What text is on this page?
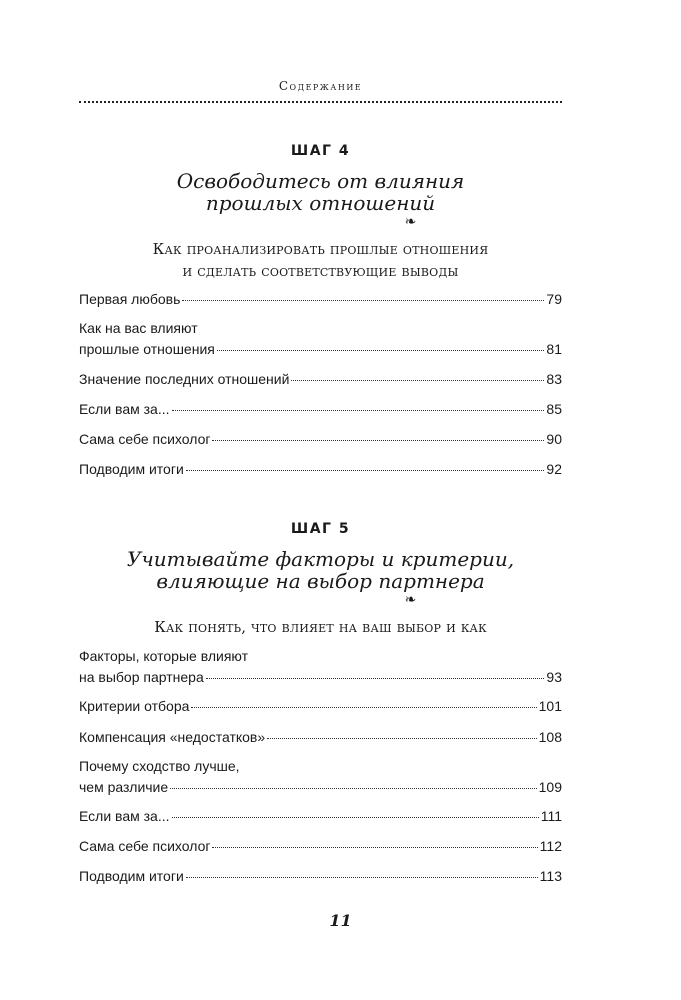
Содержание
ШАГ 4
Освободитесь от влияния
прошлых отношений
❧
Как проанализировать прошлые отношения
и сделать соответствующие выводы
Первая любовь	79
Как на вас влияют
прошлые отношения	81
Значение последних отношений	83
Если вам за...	85
Сама себе психолог	90
Подводим итоги	92
ШАГ 5
Учитывайте факторы и критерии,
влияющие на выбор партнера
❧
Как понять, что влияет на ваш выбор и как
Факторы, которые влияют
на выбор партнера	93
Критерии отбора	101
Компенсация «недостатков»	108
Почему сходство лучше,
чем различие	109
Если вам за...	111
Сама себе психолог	112
Подводим итоги	113
11
